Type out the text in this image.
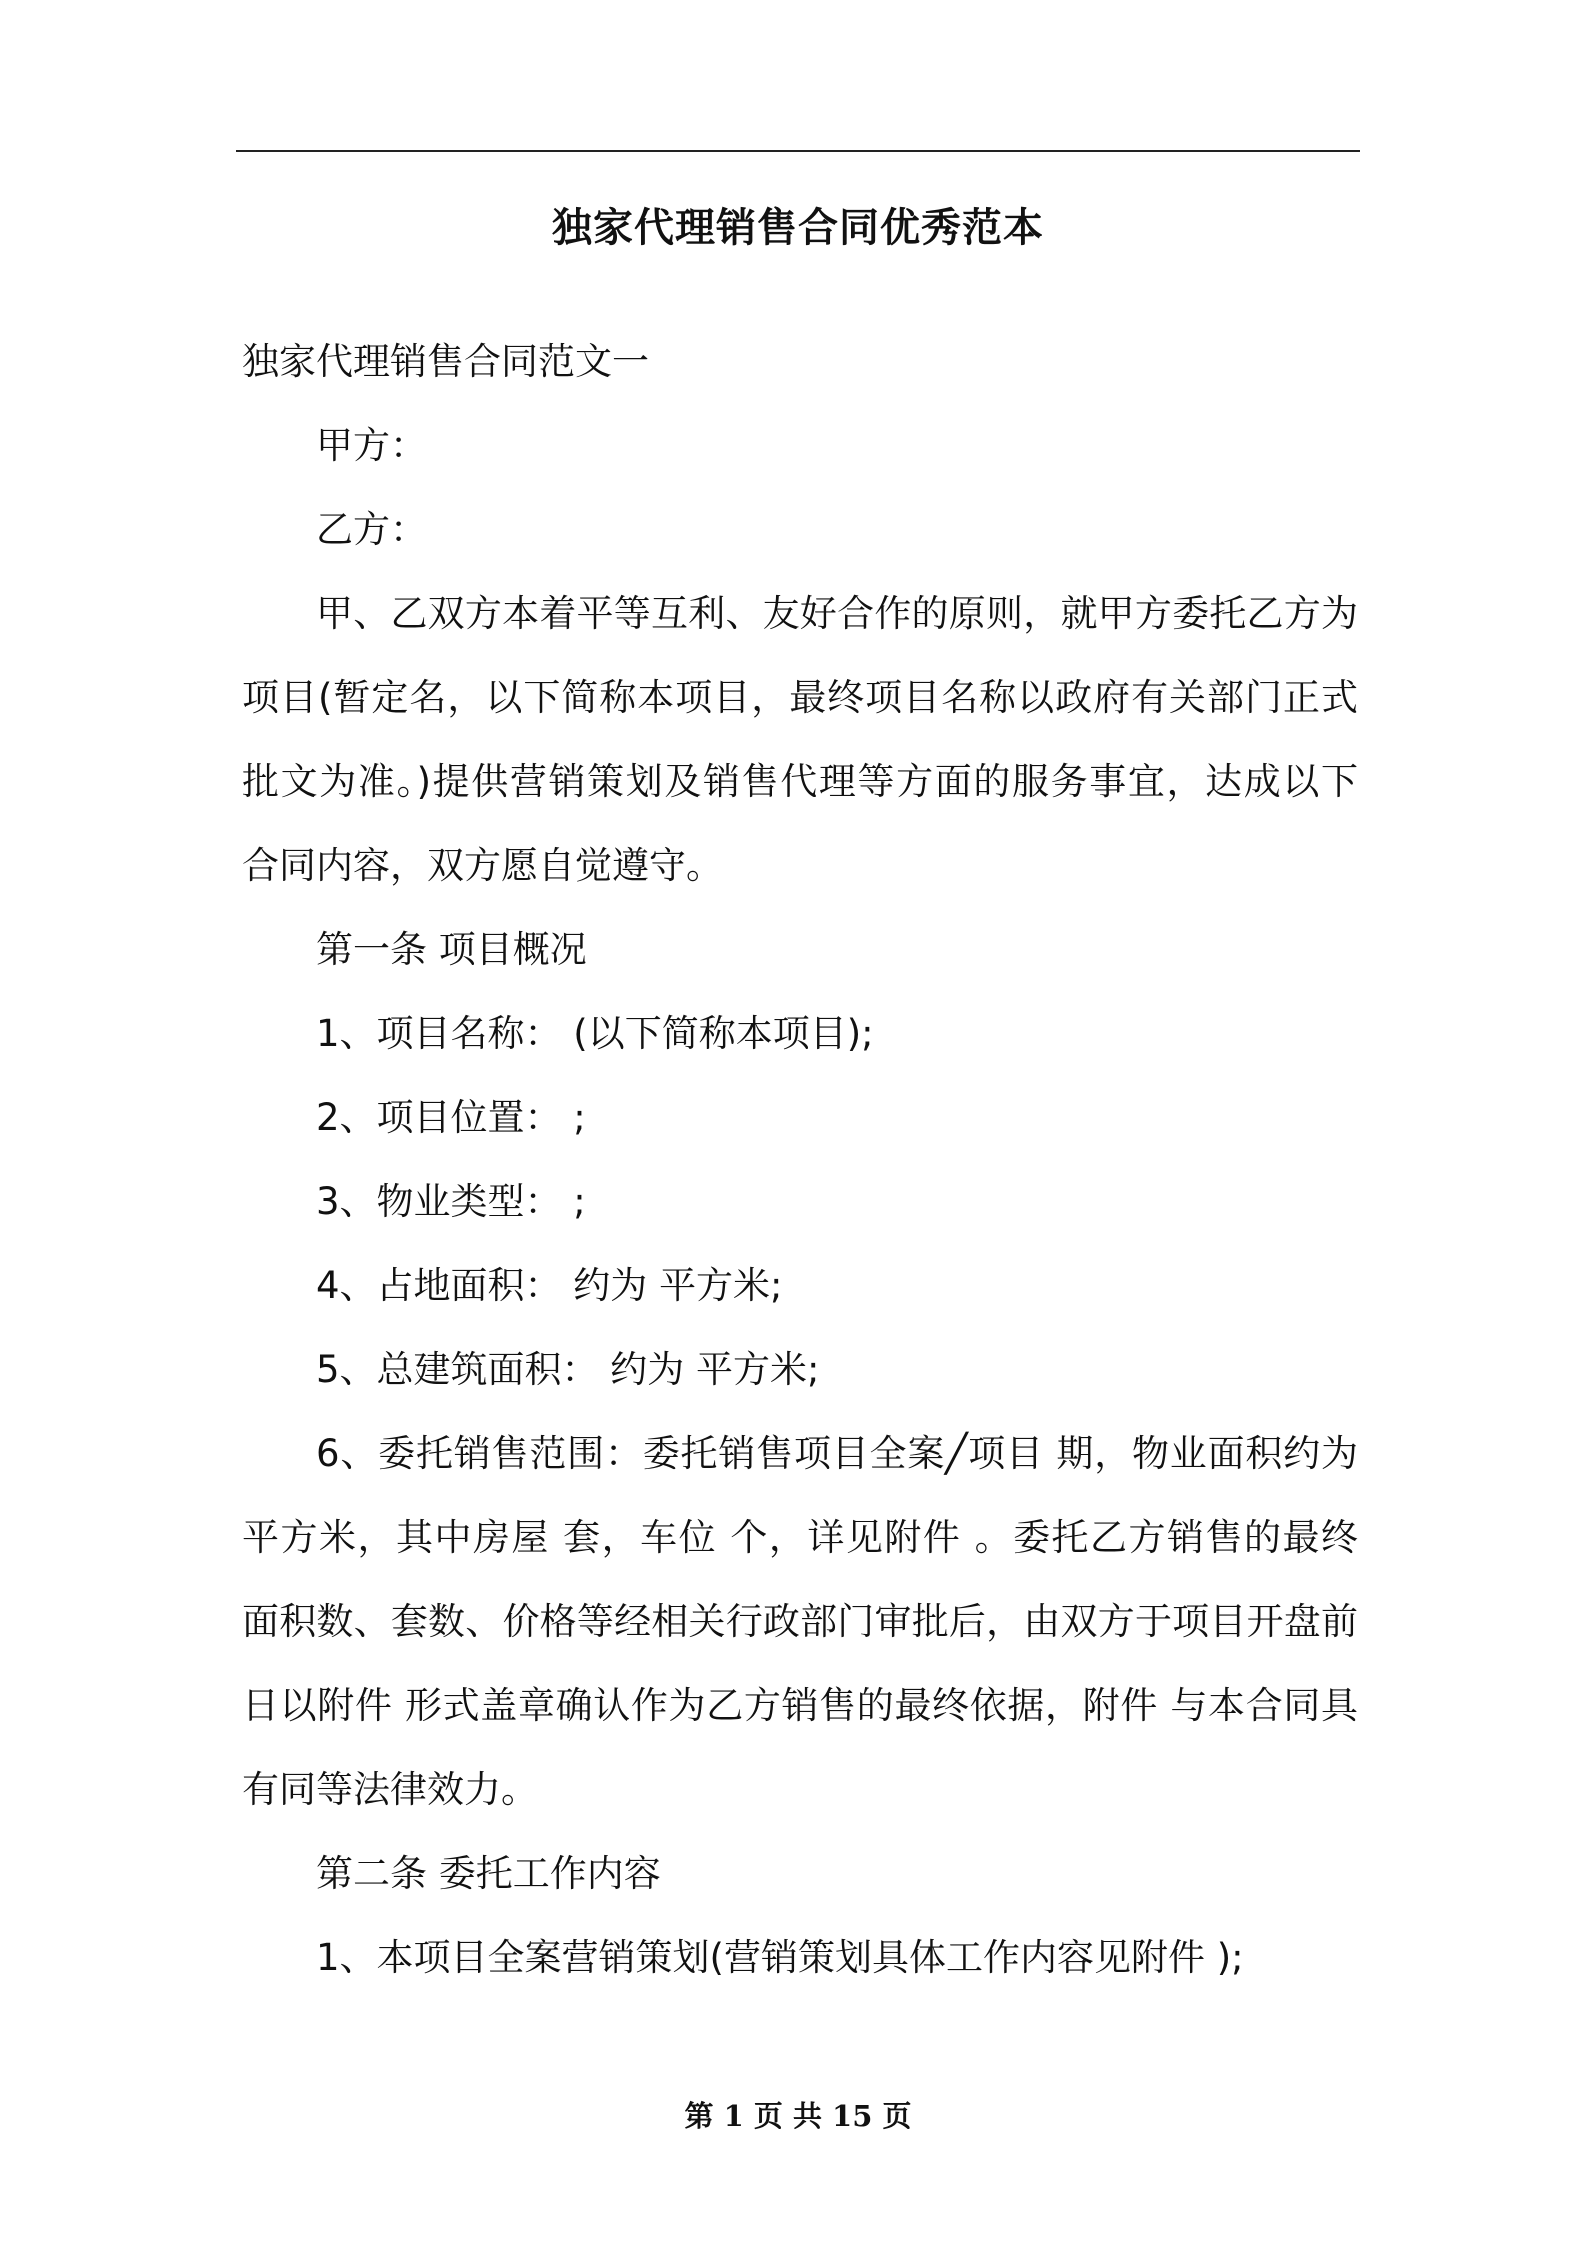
独家代理销售合同优秀范本

独家代理销售合同范文一

甲方：

乙方：

甲、乙双方本着平等互利、友好合作的原则，就甲方委托乙方为

项目(暂定名，以下简称本项目，最终项目名称以政府有关部门正式

批文为准。)提供营销策划及销售代理等方面的服务事宜，达成以下

合同内容，双方愿自觉遵守。

第一条 项目概况

1、项目名称： (以下简称本项目);

2、项目位置： ;

3、物业类型： ;

4、占地面积： 约为 平方米;

5、总建筑面积： 约为 平方米;

6、委托销售范围：委托销售项目全案╱项目 期，物业面积约为

平方米，其中房屋 套，车位 个，详见附件 。委托乙方销售的最终

面积数、套数、价格等经相关行政部门审批后，由双方于项目开盘前

日以附件 形式盖章确认作为乙方销售的最终依据，附件 与本合同具

有同等法律效力。

第二条 委托工作内容

1、本项目全案营销策划(营销策划具体工作内容见附件 );

第 1 页 共 15 页
